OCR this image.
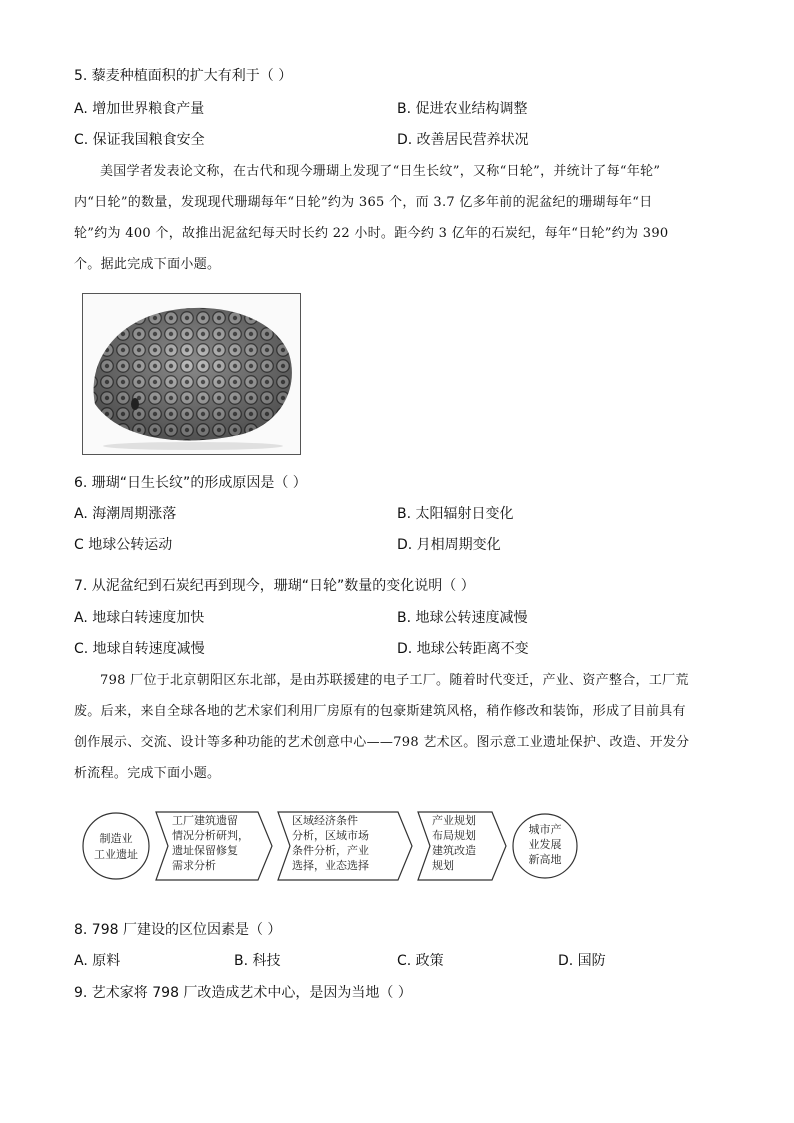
5. 藜麦种植面积的扩大有利于（ ）
A. 增加世界粮食产量	B. 促进农业结构调整
C. 保证我国粮食安全	D. 改善居民营养状况
美国学者发表论文称，在古代和现今珊瑚上发现了“日生长纹”，又称“日轮”，并统计了每“年轮”
内“日轮”的数量，发现现代珊瑚每年“日轮”约为 365 个，而 3.7 亿多年前的泥盆纪的珊瑚每年“日
轮”约为 400 个，故推出泥盆纪每天时长约 22 小时。距今约 3 亿年的石炭纪，每年“日轮”约为 390
个。据此完成下面小题。
6. 珊瑚“日生长纹”的形成原因是（ ）
A. 海潮周期涨落	B. 太阳辐射日变化
C 地球公转运动	D. 月相周期变化
7. 从泥盆纪到石炭纪再到现今，珊瑚“日轮”数量的变化说明（ ）
A. 地球白转速度加快	B. 地球公转速度减慢
C. 地球自转速度减慢	D. 地球公转距离不变
798 厂位于北京朝阳区东北部，是由苏联援建的电子工厂。随着时代变迁，产业、资产整合，工厂荒
废。后来，来自全球各地的艺术家们利用厂房原有的包豪斯建筑风格，稍作修改和装饰，形成了目前具有
创作展示、交流、设计等多种功能的艺术创意中心——798 艺术区。图示意工业遗址保护、改造、开发分
析流程。完成下面小题。
制造业
工业遗址
工厂建筑遗留
情况分析研判，
遗址保留修复
需求分析
区域经济条件
分析，区域市场
条件分析，产业
选择，业态选择
产业规划
布局规划
建筑改造
规划
城市产
业发展
新高地
8. 798 厂建设的区位因素是（ ）
A. 原料	B. 科技	C. 政策	D. 国防
9. 艺术家将 798 厂改造成艺术中心，是因为当地（ ）
